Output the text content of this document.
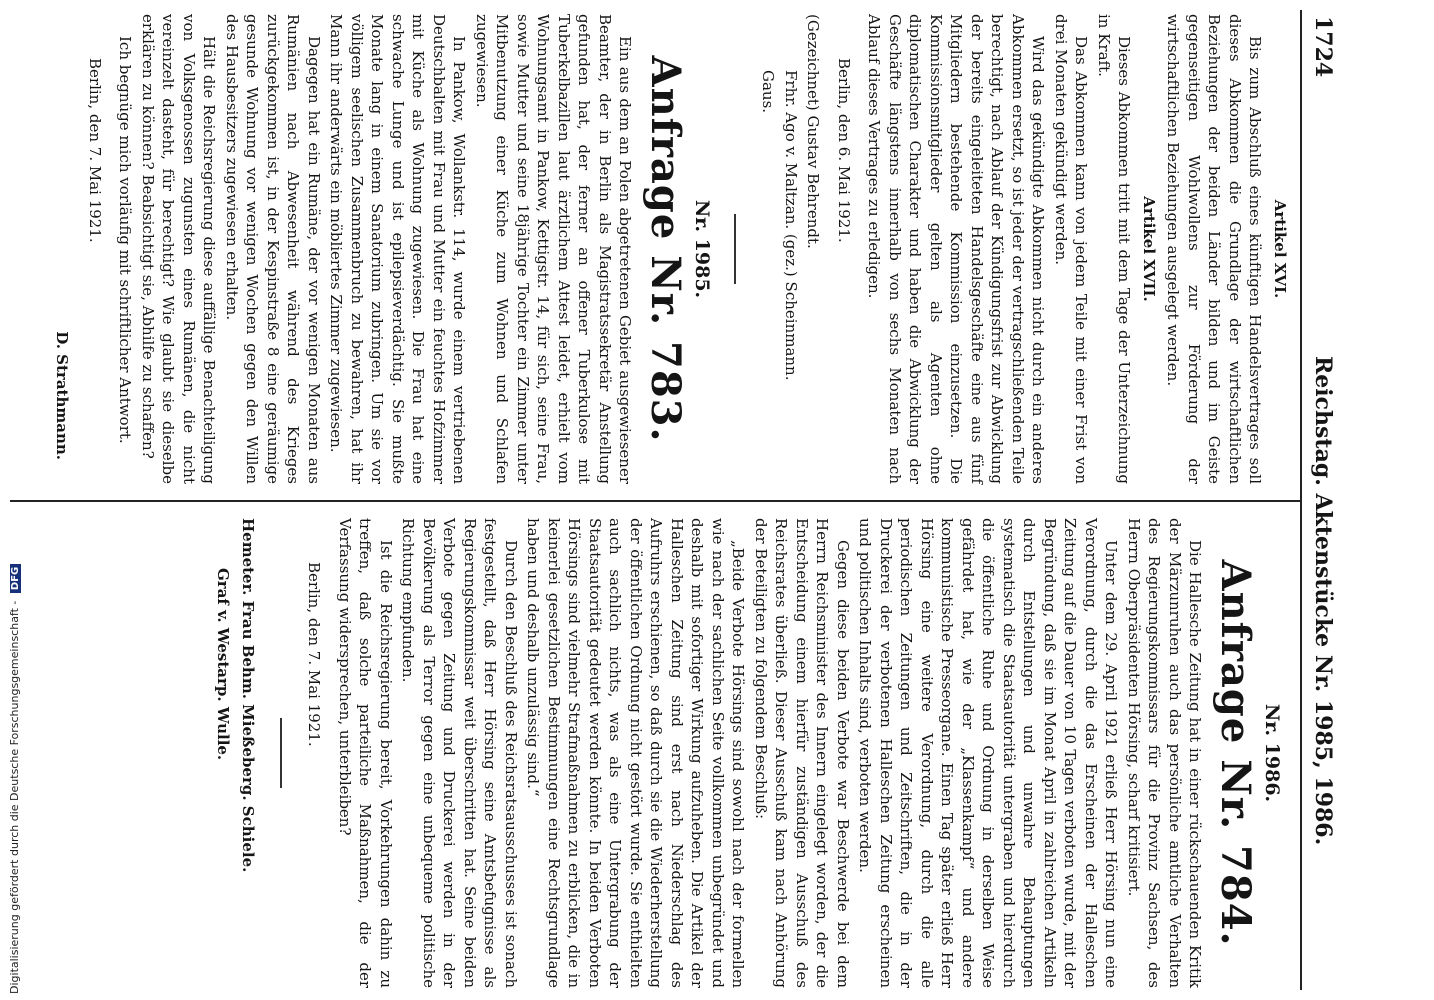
1724
Reichstag. Aktenstücke Nr. 1985, 1986.
Artikel XVI.

Bis zum Abschluß eines künftigen Handelsvertrages soll dieses Abkommen die Grundlage der wirtschaftlichen Beziehungen der beiden Länder bilden und im Geiste gegenseitigen Wohlwollens zur Förderung der wirtschaftlichen Beziehungen ausgelegt werden.

Artikel XVII.

Dieses Abkommen tritt mit dem Tage der Unterzeichnung in Kraft.

Das Abkommen kann von jedem Teile mit einer Frist von drei Monaten gekündigt werden.

Wird das gekündigte Abkommen nicht durch ein anderes Abkommen ersetzt, so ist jeder der vertragschließenden Teile berechtigt, nach Ablauf der Kündigungsfrist zur Abwicklung der bereits eingeleiteten Handelsgeschäfte eine aus fünf Mitgliedern bestehende Kommission einzusetzen. Die Kommissionsmitglieder gelten als Agenten ohne diplomatischen Charakter und haben die Abwicklung der Geschäfte längstens innerhalb von sechs Monaten nach Ablauf dieses Vertrages zu erledigen.

Berlin, den 6. Mai 1921.

(Gezeichnet) Gustav Behrendt.

Frhr. Ago v. Maltzan. (gez.) Scheinmann.

Gaus.

Nr. 1985.
Anfrage Nr. 783.

Ein aus dem an Polen abgetretenen Gebiet ausgewiesener Beamter, der in Berlin als Magistratssekretär Anstellung gefunden hat, der ferner an offener Tuberkulose mit Tuberkelbazillen laut ärztlichem Attest leidet, erhielt vom Wohnungsamt in Pankow, Kettigstr. 14, für sich, seine Frau, sowie Mutter und seine 18jährige Tochter ein Zimmer unter Mitbenutzung einer Küche zum Wohnen und Schlafen zugewiesen.

In Pankow, Wollankstr. 114, wurde einem vertriebenen Deutschbalten mit Frau und Mutter ein feuchtes Hofzimmer mit Küche als Wohnung zugewiesen. Die Frau hat eine schwache Lunge und ist epilepsieverdächtig. Sie mußte Monate lang in einem Sanatorium zubringen. Um sie vor völligem seelischen Zusammenbruch zu bewahren, hat ihr Mann ihr anderwärts ein möbliertes Zimmer zugewiesen.

Dagegen hat ein Rumäne, der vor wenigen Monaten aus Rumänien nach Abwesenheit während des Krieges zurückgekommen ist, in der Kespinstraße 8 eine geräumige gesunde Wohnung vor wenigen Wochen gegen den Willen des Hausbesitzers zugewiesen erhalten.

Hält die Reichsregierung diese auffällige Benachteiligung von Volksgenossen zugunsten eines Rumänen, die nicht vereinzelt dasteht, für berechtigt? Wie glaubt sie dieselbe erklären zu können? Beabsichtigt sie, Abhilfe zu schaffen?

Ich begnüge mich vorläufig mit schriftlicher Antwort.

Berlin, den 7. Mai 1921.

D. Strathmann.
Nr. 1986.
Anfrage Nr. 784.

Die Hallesche Zeitung hat in einer rückschauenden Kritik der Märzunruhen auch das persönliche amtliche Verhalten des Regierungskommissars für die Provinz Sachsen, des Herrn Oberpräsidenten Hörsing, scharf kritisiert.

Unter dem 29. April 1921 erließ Herr Hörsing nun eine Verordnung, durch die das Erscheinen der Halleschen Zeitung auf die Dauer von 10 Tagen verboten wurde, mit der Begründung, daß sie im Monat April in zahlreichen Artikeln durch Entstellungen und unwahre Behauptungen systematisch die Staatsautorität untergraben und hierdurch die öffentliche Ruhe und Ordnung in derselben Weise gefährdet hat, wie der „Klassenkampf“ und andere kommunistische Presseorgane. Einen Tag später erließ Herr Hörsing eine weitere Verordnung, durch die alle periodischen Zeitungen und Zeitschriften, die in der Druckerei der verbotenen Halleschen Zeitung erscheinen und politischen Inhalts sind, verboten werden.

Gegen diese beiden Verbote war Beschwerde bei dem Herrn Reichsminister des Innern eingelegt worden, der die Entscheidung einem hierfür zuständigen Ausschuß des Reichsrates überließ. Dieser Ausschuß kam nach Anhörung der Beteiligten zu folgendem Beschluß:

„Beide Verbote Hörsings sind sowohl nach der formellen wie nach der sachlichen Seite vollkommen unbegründet und deshalb mit sofortiger Wirkung aufzuheben. Die Artikel der Halleschen Zeitung sind erst nach Niederschlag des Aufruhrs erschienen, so daß durch sie die Wiederherstellung der öffentlichen Ordnung nicht gestört wurde. Sie enthielten auch sachlich nichts, was als eine Untergrabung der Staatsautorität gedeutet werden könnte. In beiden Verboten Hörsings sind vielmehr Strafmaßnahmen zu erblicken, die in keinerlei gesetzlichen Bestimmungen eine Rechtsgrundlage haben und deshalb unzulässig sind.“

Durch den Beschluß des Reichsratsausschusses ist sonach festgestellt, daß Herr Hörsing seine Amtsbefugnisse als Regierungskommissar weit überschritten hat. Seine beiden Verbote gegen Zeitung und Druckerei werden in der Bevölkerung als Terror gegen eine unbequeme politische Richtung empfunden.

Ist die Reichsregierung bereit, Vorkehrungen dahin zu treffen, daß solche parteiliche Maßnahmen, die der Verfassung widersprechen, unterbleiben?

Berlin, den 7. Mai 1921.

Hemeter. Frau Behm. Mießeberg. Schiele.
Graf v. Westarp. Wulle.
Digitalisierung gefördert durch die Deutsche Forschungsgemeinschaft - DFG
